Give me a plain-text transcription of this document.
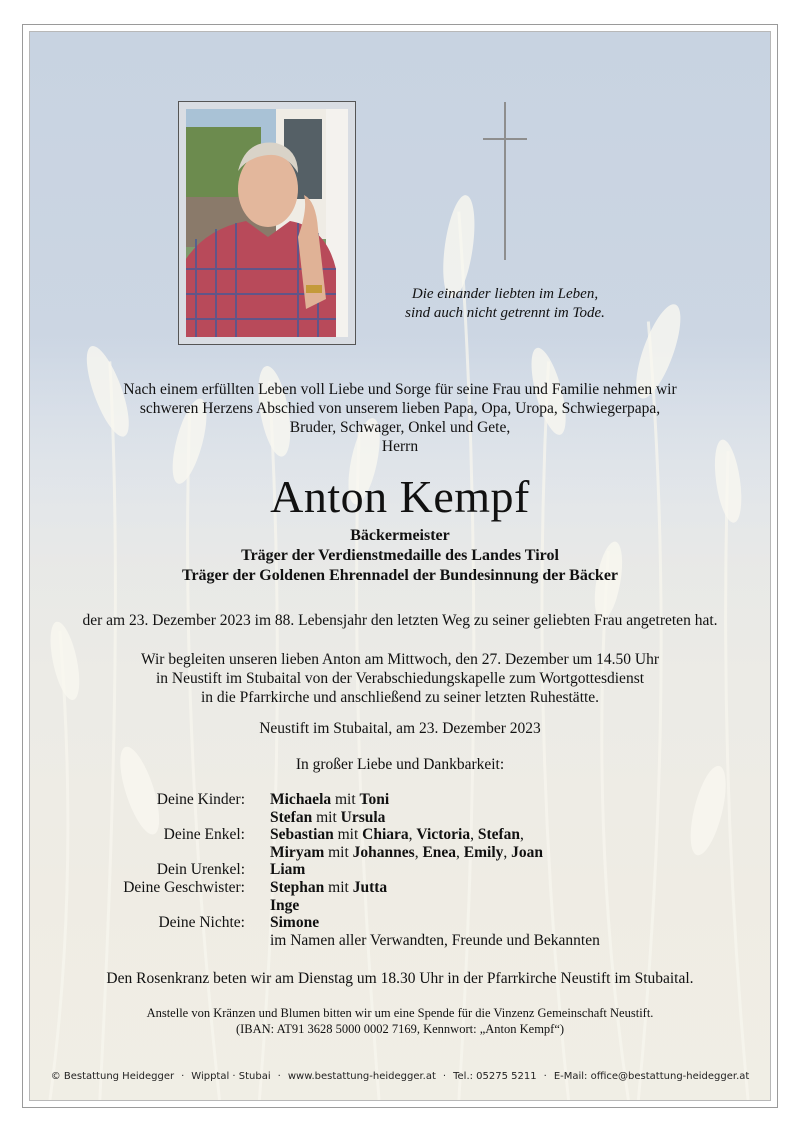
Die einander liebten im Leben,
sind auch nicht getrennt im Tode.
Nach einem erfüllten Leben voll Liebe und Sorge für seine Frau und Familie nehmen wir
schweren Herzens Abschied von unserem lieben Papa, Opa, Uropa, Schwiegerpapa,
Bruder, Schwager, Onkel und Gete,
Herrn
Anton Kempf
Bäckermeister
Träger der Verdienstmedaille des Landes Tirol
Träger der Goldenen Ehrennadel der Bundesinnung der Bäcker
der am 23. Dezember 2023 im 88. Lebensjahr den letzten Weg zu seiner geliebten Frau angetreten hat.
Wir begleiten unseren lieben Anton am Mittwoch, den 27. Dezember um 14.50 Uhr
in Neustift im Stubaital von der Verabschiedungskapelle zum Wortgottesdienst
in die Pfarrkirche und anschließend zu seiner letzten Ruhestätte.
Neustift im Stubaital, am 23. Dezember 2023
In großer Liebe und Dankbarkeit:
Deine Kinder:	Michaela mit Toni
Stefan mit Ursula
Deine Enkel:	Sebastian mit Chiara, Victoria, Stefan,
Miryam mit Johannes, Enea, Emily, Joan
Dein Urenkel:	Liam
Deine Geschwister:	Stephan mit Jutta
Inge
Deine Nichte:	Simone
im Namen aller Verwandten, Freunde und Bekannten
Den Rosenkranz beten wir am Dienstag um 18.30 Uhr in der Pfarrkirche Neustift im Stubaital.
Anstelle von Kränzen und Blumen bitten wir um eine Spende für die Vinzenz Gemeinschaft Neustift.
(IBAN: AT91 3628 5000 0002 7169, Kennwort: „Anton Kempf“)
© Bestattung Heidegger · Wipptal · Stubai · www.bestattung-heidegger.at · Tel.: 05275 5211 · E-Mail: office@bestattung-heidegger.at
